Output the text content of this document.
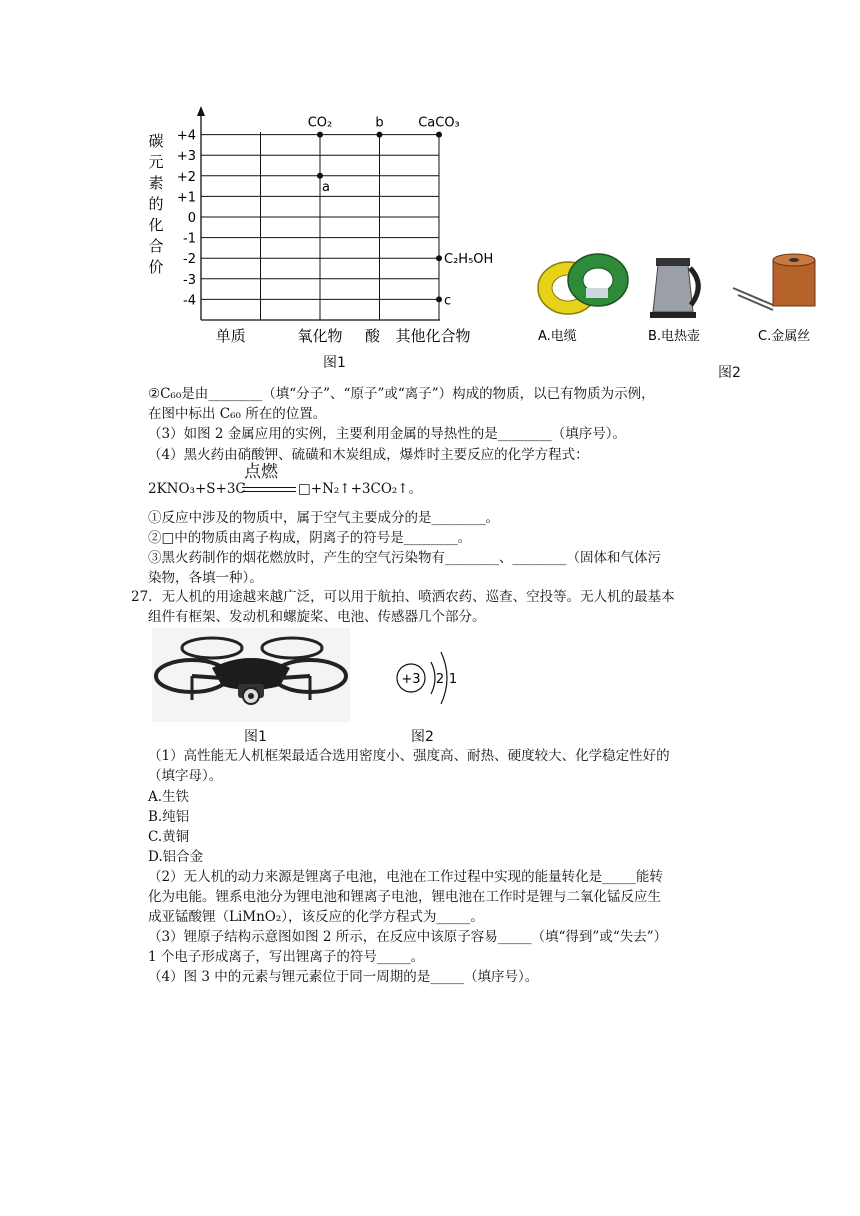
+4
+3
+2
+1
0
-1
-2
-3
-4
碳
元
素
的
化
合
价
单质	氧化物 酸 其他化合物
CO₂
a
b	CaCO₃
C₂H₅OH
c
图1
A.电缆	B.电热壶	C.金属丝
图2
②C₆₀是由________（填“分子”、“原子”或“离子”）构成的物质，以已有物质为示例，
在图中标出 C₆₀ 所在的位置。
（3）如图 2 金属应用的实例，主要利用金属的导热性的是________（填序号）。
（4）黑火药由硝酸钾、硫磺和木炭组成，爆炸时主要反应的化学方程式：
2KNO₃+S+3C
点燃
□+N₂↑+3CO₂↑。
①反应中涉及的物质中，属于空气主要成分的是________。
②□中的物质由离子构成，阴离子的符号是________。
③黑火药制作的烟花燃放时，产生的空气污染物有________、________（固体和气体污
染物，各填一种）。
27．无人机的用途越来越广泛，可以用于航拍、喷洒农药、巡查、空投等。无人机的最基本
组件有框架、发动机和螺旋桨、电池、传感器几个部分。
+3 2 1
图1	图2
（1）高性能无人机框架最适合选用密度小、强度高、耐热、硬度较大、化学稳定性好的
（填字母）。
A.生铁
B.纯铝
C.黄铜
D.铝合金
（2）无人机的动力来源是锂离子电池，电池在工作过程中实现的能量转化是_____能转
化为电能。锂系电池分为锂电池和锂离子电池，锂电池在工作时是锂与二氧化锰反应生
成亚锰酸锂（LiMnO₂），该反应的化学方程式为_____。
（3）锂原子结构示意图如图 2 所示，在反应中该原子容易_____（填“得到”或“失去”）
1 个电子形成离子，写出锂离子的符号_____。
（4）图 3 中的元素与锂元素位于同一周期的是_____（填序号）。
